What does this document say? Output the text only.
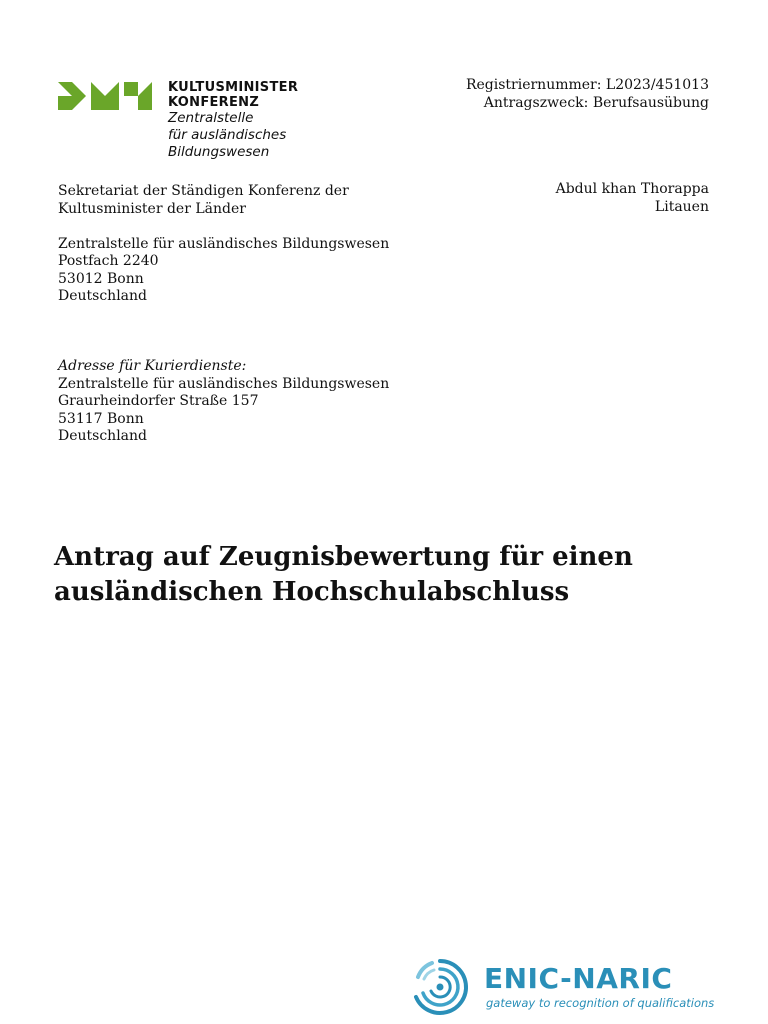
KULTUSMINISTER
KONFERENZ
Zentralstelle
für ausländisches
Bildungswesen
Registriernummer: L2023/451013
Antragszweck: Berufsausübung
Sekretariat der Ständigen Konferenz der
Kultusminister der Länder
Zentralstelle für ausländisches Bildungswesen
Postfach 2240
53012 Bonn
Deutschland
Abdul khan Thorappa
Litauen
Adresse für Kurierdienste:
Zentralstelle für ausländisches Bildungswesen
Graurheindorfer Straße 157
53117 Bonn
Deutschland
Antrag auf Zeugnisbewertung für einen
ausländischen Hochschulabschluss
ENIC-NARIC
gateway to recognition of qualifications
